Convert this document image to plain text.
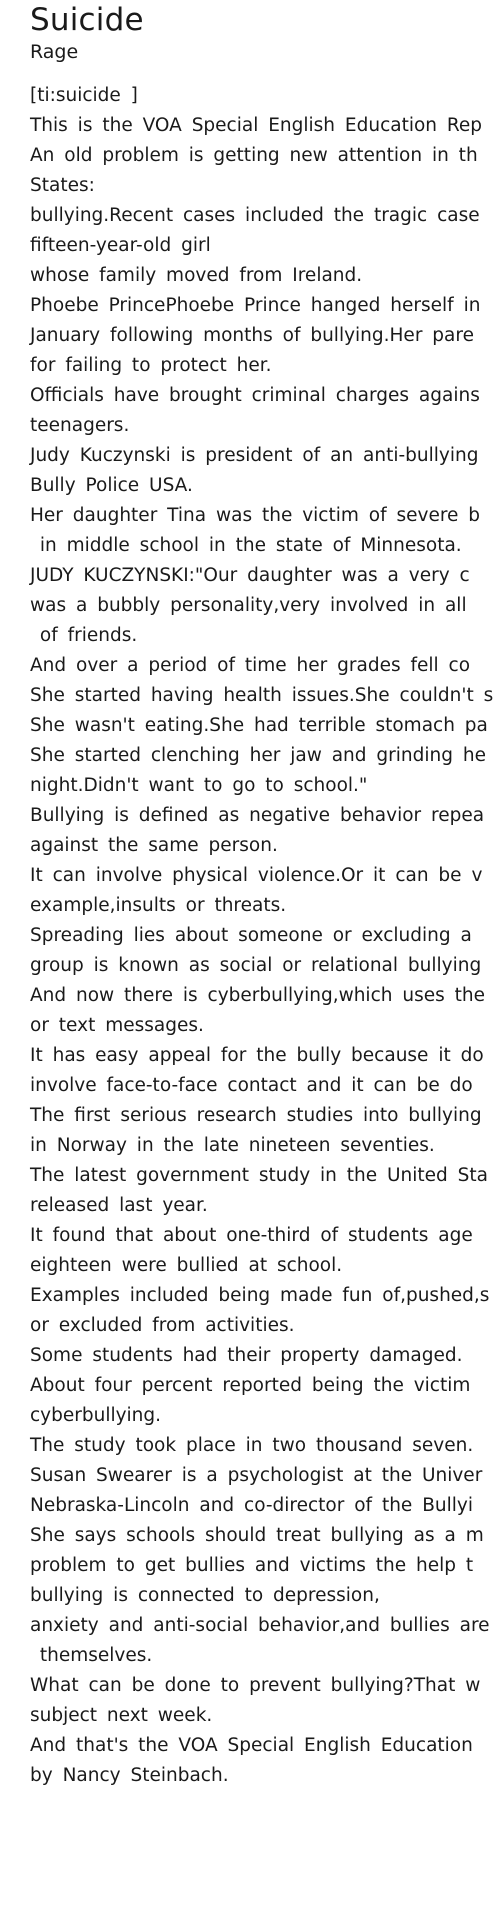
Suicide
Rage

[ti:suicide ]

This is the VOA Special English Education Rep

An old problem is getting new attention in th

States:

bullying.Recent cases included the tragic case

fifteen-year-old girl

whose family moved from Ireland.

Phoebe PrincePhoebe Prince hanged herself in

January following months of bullying.Her pare

for failing to protect her.

Officials have brought criminal charges agains

teenagers.

Judy Kuczynski is president of an anti-bullying

Bully Police USA.

Her daughter Tina was the victim of severe b

in middle school in the state of Minnesota.

JUDY KUCZYNSKI:"Our daughter was a very c

was a bubbly personality,very involved in all

of friends.

And over a period of time her grades fell co

She started having health issues.She couldn't s

She wasn't eating.She had terrible stomach pa

She started clenching her jaw and grinding he

night.Didn't want to go to school."

Bullying is defined as negative behavior repea

against the same person.

It can involve physical violence.Or it can be v

example,insults or threats.

Spreading lies about someone or excluding a

group is known as social or relational bullying

And now there is cyberbullying,which uses the

or text messages.

It has easy appeal for the bully because it do

involve face-to-face contact and it can be do

The first serious research studies into bullying

in Norway in the late nineteen seventies.

The latest government study in the United Sta

released last year.

It found that about one-third of students age

eighteen were bullied at school.

Examples included being made fun of,pushed,s

or excluded from activities.

Some students had their property damaged.

About four percent reported being the victim

cyberbullying.

The study took place in two thousand seven.

Susan Swearer is a psychologist at the Univer

Nebraska-Lincoln and co-director of the Bullyi

She says schools should treat bullying as a m

problem to get bullies and victims the help t

bullying is connected to depression,

anxiety and anti-social behavior,and bullies are

themselves.

What can be done to prevent bullying?That w

subject next week.

And that's the VOA Special English Education

by Nancy Steinbach.
